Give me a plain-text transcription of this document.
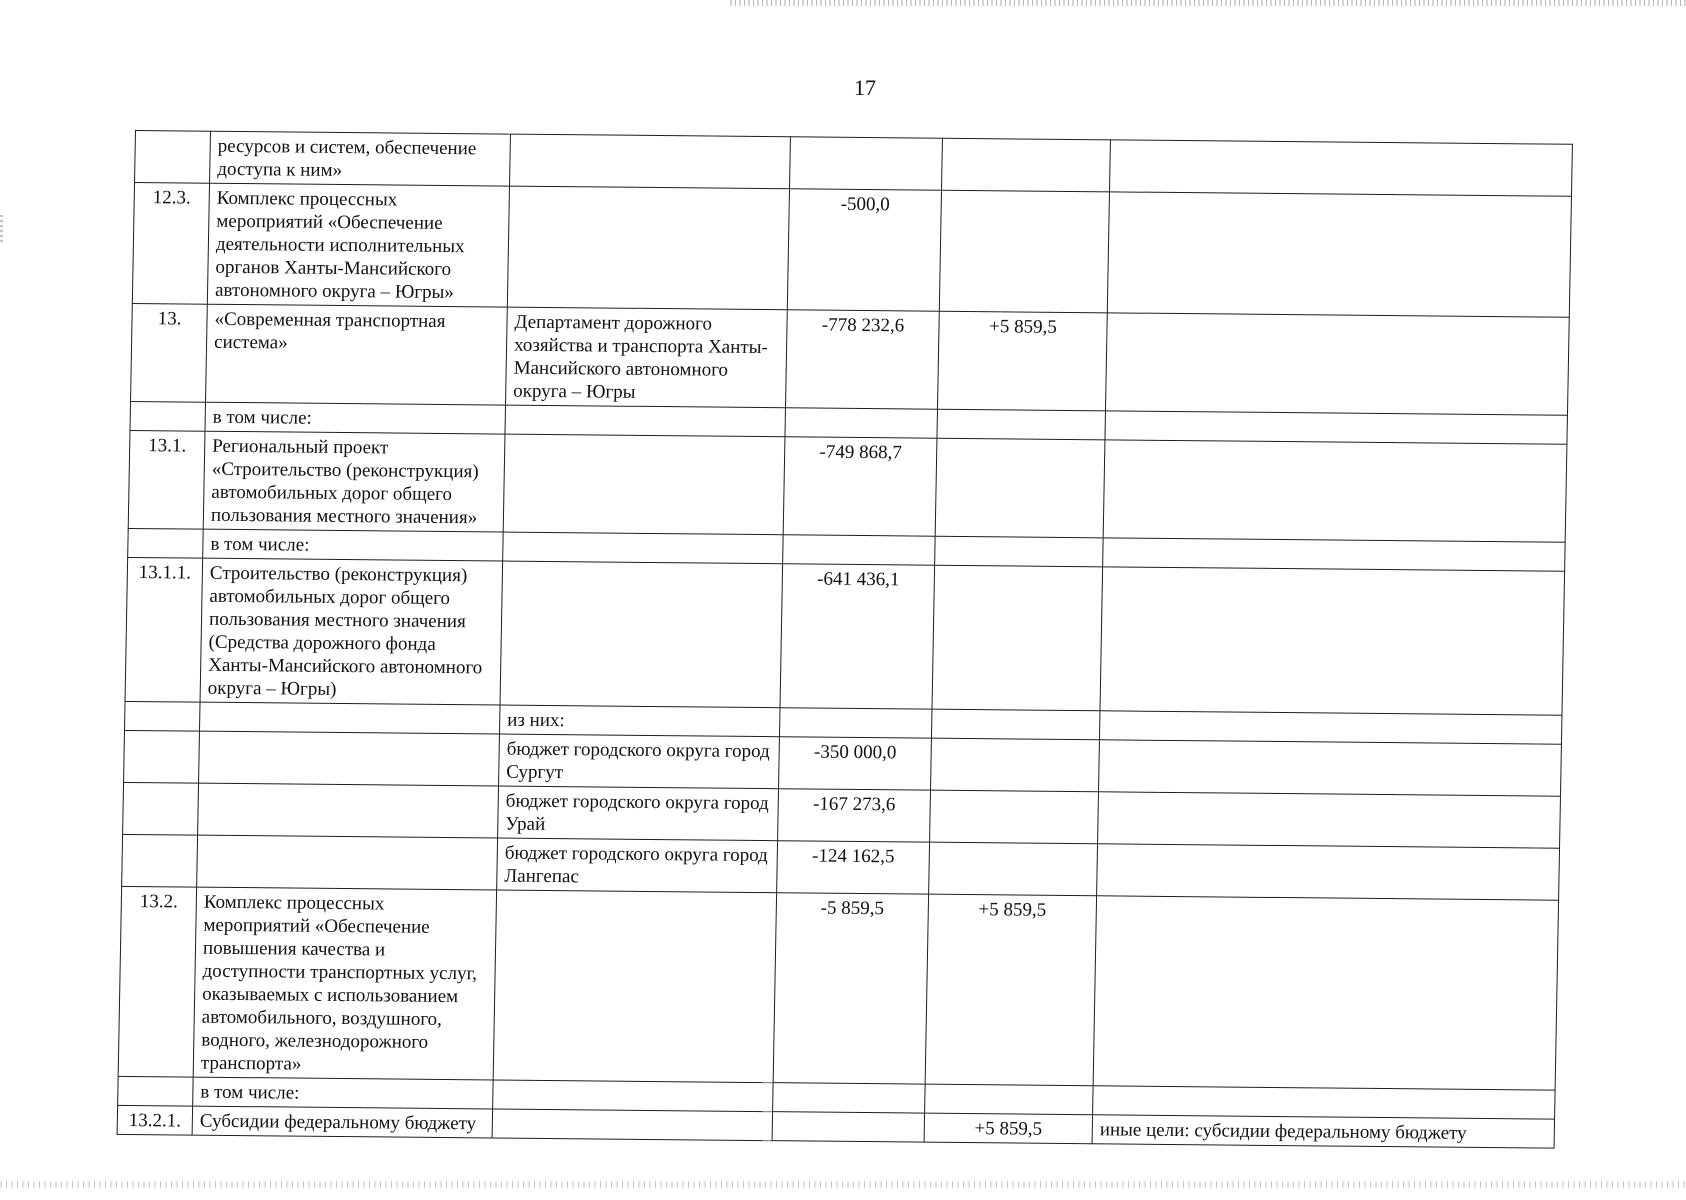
17
	ресурсов и систем, обеспечение доступа к ним»				
12.3.	Комплекс процессных мероприятий «Обеспечение деятельности исполнительных органов Ханты-Мансийского автономного округа – Югры»		-500,0		
13.	«Современная транспортная система»	Департамент дорожного хозяйства и транспорта Ханты-Мансийского автономного округа – Югры	-778 232,6	+5 859,5	
	в том числе:				
13.1.	Региональный проект «Строительство (реконструкция) автомобильных дорог общего пользования местного значения»		-749 868,7		
	в том числе:				
13.1.1.	Строительство (реконструкция) автомобильных дорог общего пользования местного значения (Средства дорожного фонда Ханты-Мансийского автономного округа – Югры)		-641 436,1		
		из них:			
		бюджет городского округа город Сургут	-350 000,0		
		бюджет городского округа город Урай	-167 273,6		
		бюджет городского округа город Лангепас	-124 162,5		
13.2.	Комплекс процессных мероприятий «Обеспечение повышения качества и доступности транспортных услуг, оказываемых с использованием автомобильного, воздушного, водного, железнодорожного транспорта»		-5 859,5	+5 859,5	
	в том числе:				
13.2.1.	Субсидии федеральному бюджету			+5 859,5	иные цели: субсидии федеральному бюджету
